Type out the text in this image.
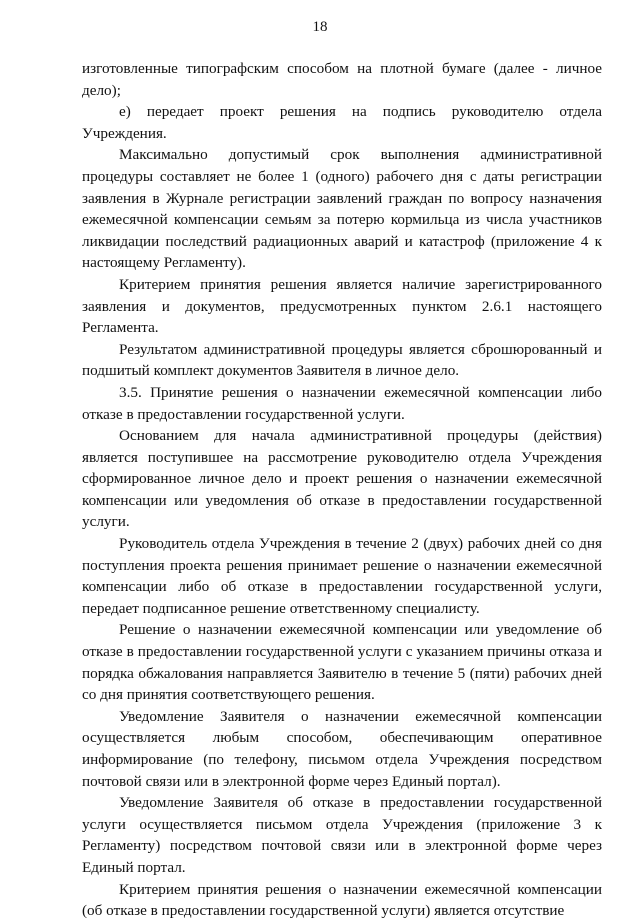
18

изготовленные типографским способом на плотной бумаге (далее - личное дело);

е) передает проект решения на подпись руководителю отдела Учреждения.

Максимально допустимый срок выполнения административной процедуры составляет не более 1 (одного) рабочего дня с даты регистрации заявления в Журнале регистрации заявлений граждан по вопросу назначения ежемесячной компенсации семьям за потерю кормильца из числа участников ликвидации последствий радиационных аварий и катастроф (приложение 4 к настоящему Регламенту).

Критерием принятия решения является наличие зарегистрированного заявления и документов, предусмотренных пунктом 2.6.1 настоящего Регламента.

Результатом административной процедуры является сброшюрованный и подшитый комплект документов Заявителя в личное дело.

3.5. Принятие решения о назначении ежемесячной компенсации либо отказе в предоставлении государственной услуги.

Основанием для начала административной процедуры (действия) является поступившее на рассмотрение руководителю отдела Учреждения сформированное личное дело и проект решения о назначении ежемесячной компенсации или уведомления об отказе в предоставлении государственной услуги.

Руководитель отдела Учреждения в течение 2 (двух) рабочих дней со дня поступления проекта решения принимает решение о назначении ежемесячной компенсации либо об отказе в предоставлении государственной услуги, передает подписанное решение ответственному специалисту.

Решение о назначении ежемесячной компенсации или уведомление об отказе в предоставлении государственной услуги с указанием причины отказа и порядка обжалования направляется Заявителю в течение 5 (пяти) рабочих дней со дня принятия соответствующего решения.

Уведомление Заявителя о назначении ежемесячной компенсации осуществляется любым способом, обеспечивающим оперативное информирование (по телефону, письмом отдела Учреждения посредством почтовой связи или в электронной форме через Единый портал).

Уведомление Заявителя об отказе в предоставлении государственной услуги осуществляется письмом отдела Учреждения (приложение 3 к Регламенту) посредством почтовой связи или в электронной форме через Единый портал.

Критерием принятия решения о назначении ежемесячной компенсации (об отказе в предоставлении государственной услуги) является отсутствие
